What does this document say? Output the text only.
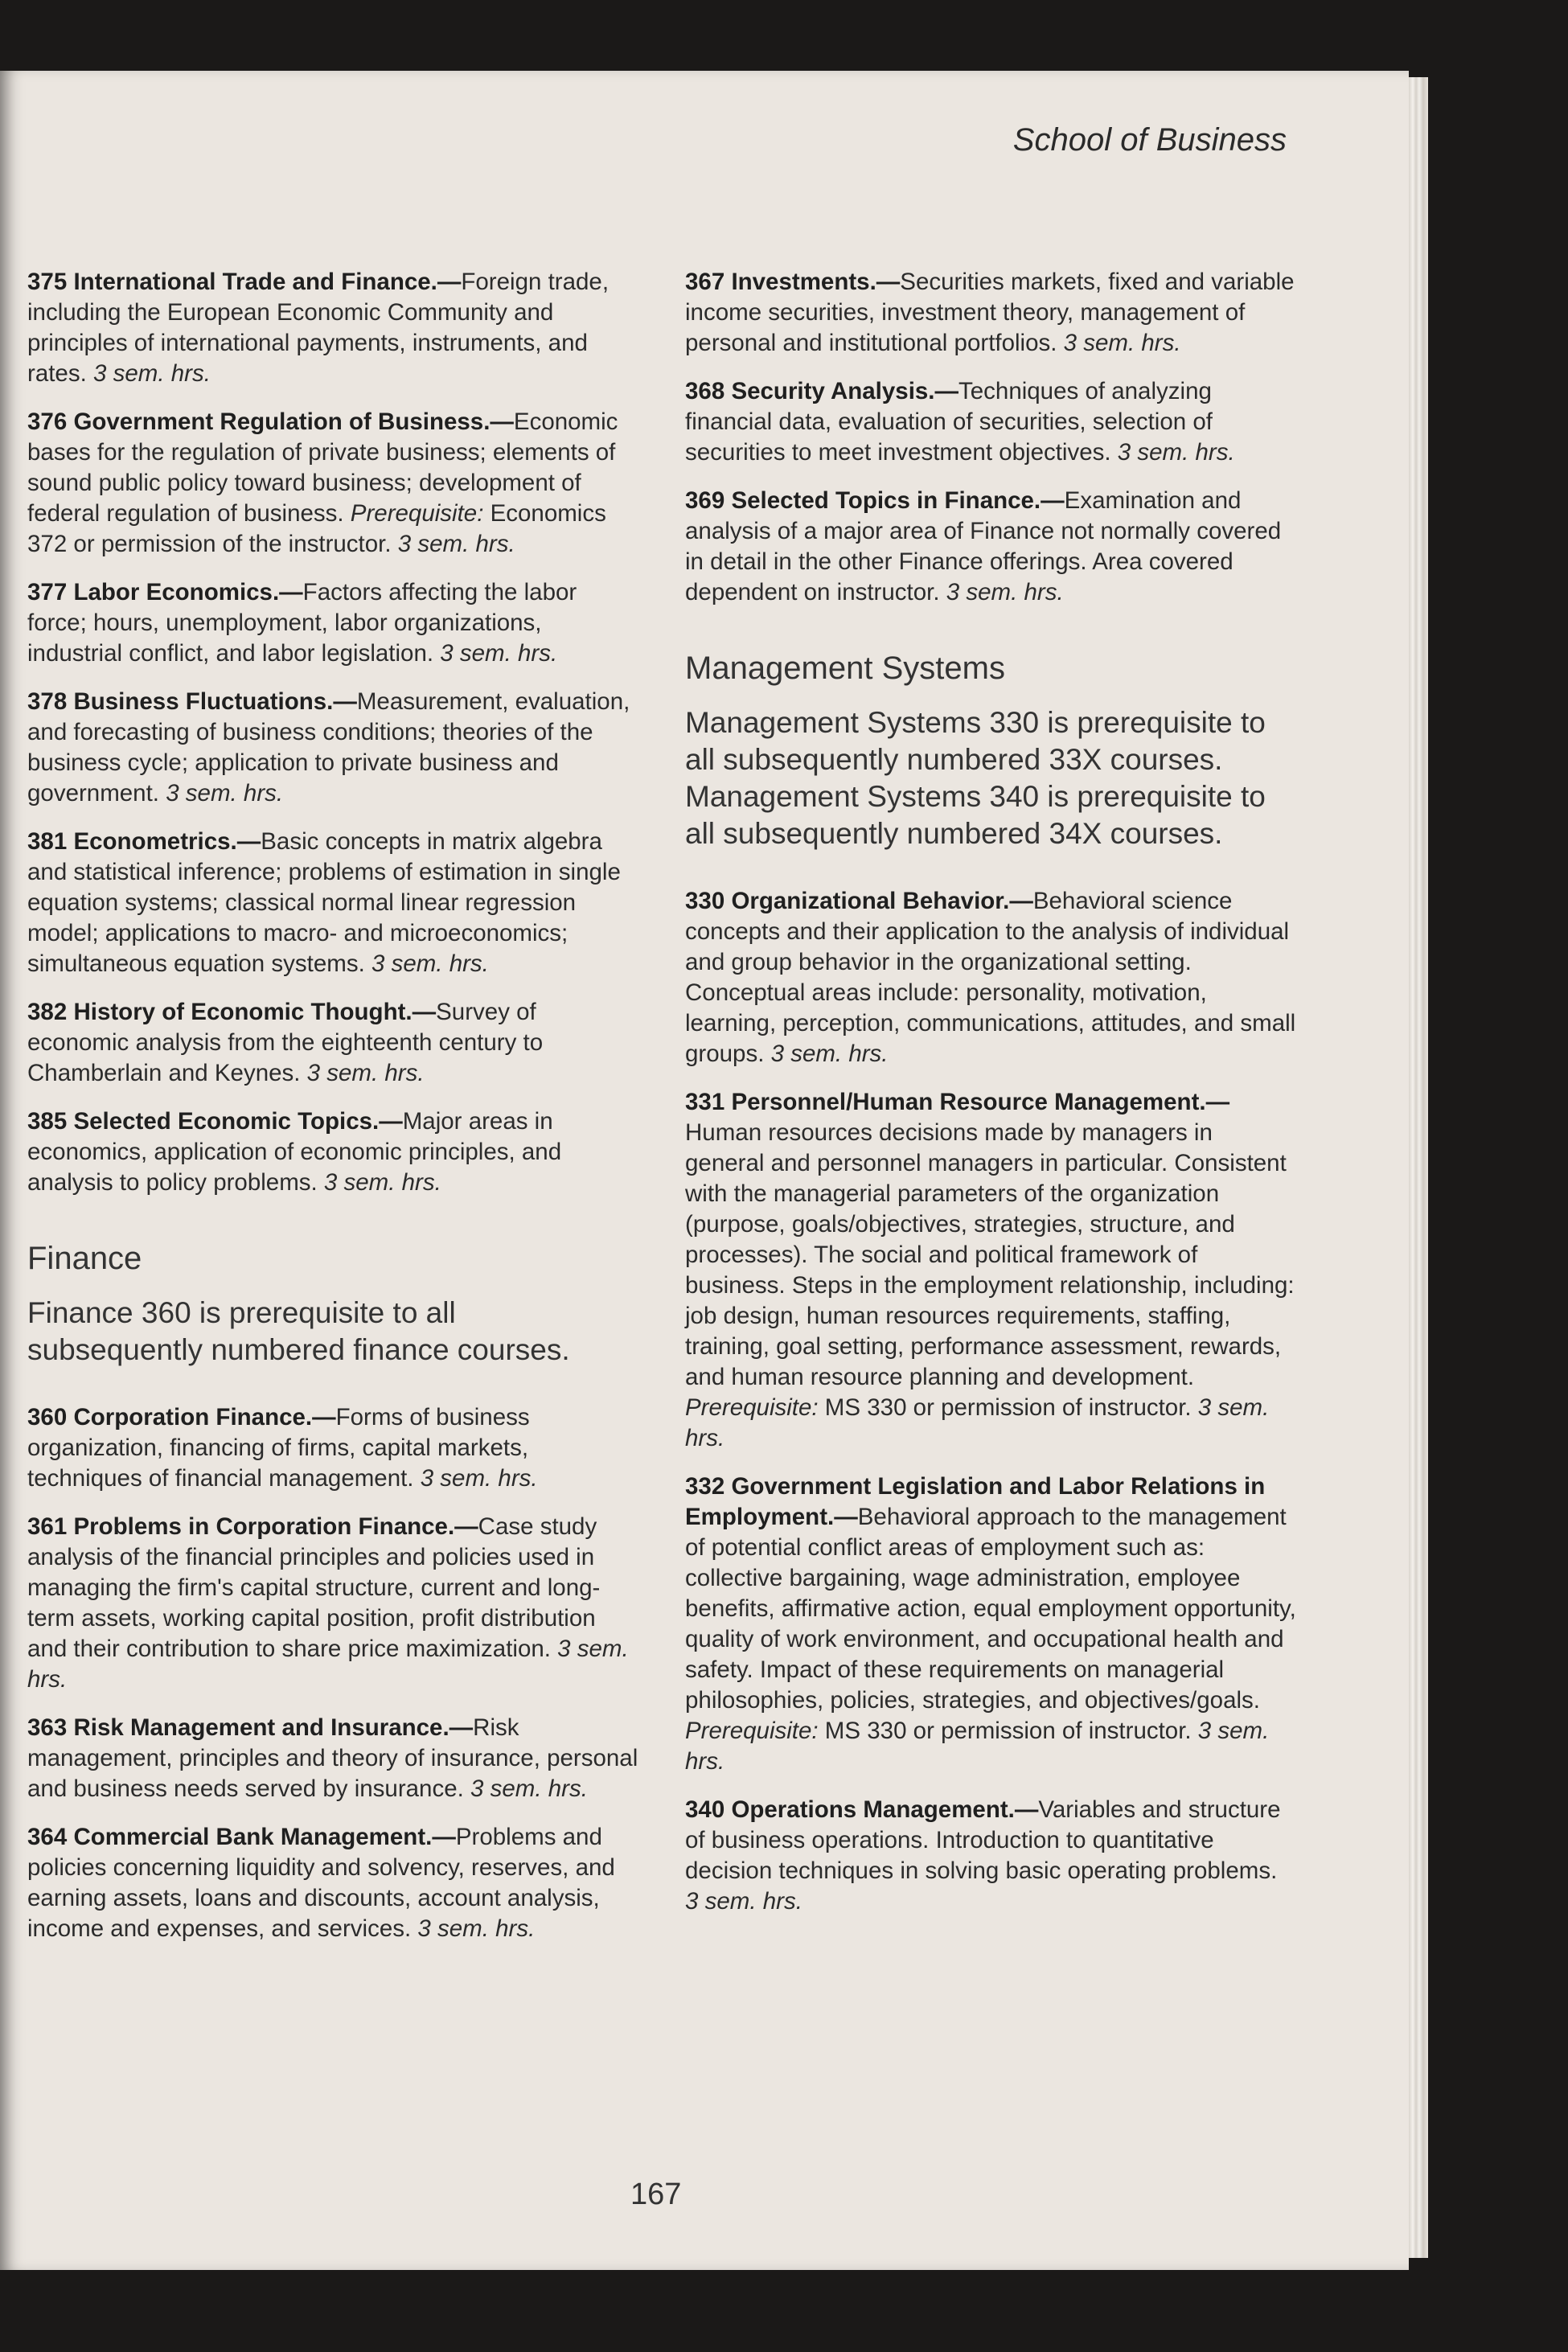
School of Business

375 International Trade and Finance.—Foreign trade, including the European Economic Community and principles of international payments, instruments, and rates. 3 sem. hrs.

376 Government Regulation of Business.—Economic bases for the regulation of private business; elements of sound public policy toward business; development of federal regulation of business. Prerequisite: Economics 372 or permission of the instructor. 3 sem. hrs.

377 Labor Economics.—Factors affecting the labor force; hours, unemployment, labor organizations, industrial conflict, and labor legislation. 3 sem. hrs.

378 Business Fluctuations.—Measurement, evaluation, and forecasting of business conditions; theories of the business cycle; application to private business and government. 3 sem. hrs.

381 Econometrics.—Basic concepts in matrix algebra and statistical inference; problems of estimation in single equation systems; classical normal linear regression model; applications to macro- and microeconomics; simultaneous equation systems. 3 sem. hrs.

382 History of Economic Thought.—Survey of economic analysis from the eighteenth century to Chamberlain and Keynes. 3 sem. hrs.

385 Selected Economic Topics.—Major areas in economics, application of economic principles, and analysis to policy problems. 3 sem. hrs.

Finance
Finance 360 is prerequisite to all subsequently numbered finance courses.

360 Corporation Finance.—Forms of business organization, financing of firms, capital markets, techniques of financial management. 3 sem. hrs.

361 Problems in Corporation Finance.—Case study analysis of the financial principles and policies used in managing the firm's capital structure, current and long-term assets, working capital position, profit distribution and their contribution to share price maximization. 3 sem. hrs.

363 Risk Management and Insurance.—Risk management, principles and theory of insurance, personal and business needs served by insurance. 3 sem. hrs.

364 Commercial Bank Management.—Problems and policies concerning liquidity and solvency, reserves, and earning assets, loans and discounts, account analysis, income and expenses, and services. 3 sem. hrs.

367 Investments.—Securities markets, fixed and variable income securities, investment theory, management of personal and institutional portfolios. 3 sem. hrs.

368 Security Analysis.—Techniques of analyzing financial data, evaluation of securities, selection of securities to meet investment objectives. 3 sem. hrs.

369 Selected Topics in Finance.—Examination and analysis of a major area of Finance not normally covered in detail in the other Finance offerings. Area covered dependent on instructor. 3 sem. hrs.

Management Systems
Management Systems 330 is prerequisite to all subsequently numbered 33X courses. Management Systems 340 is prerequisite to all subsequently numbered 34X courses.

330 Organizational Behavior.—Behavioral science concepts and their application to the analysis of individual and group behavior in the organizational setting. Conceptual areas include: personality, motivation, learning, perception, communications, attitudes, and small groups. 3 sem. hrs.

331 Personnel/Human Resource Management.—Human resources decisions made by managers in general and personnel managers in particular. Consistent with the managerial parameters of the organization (purpose, goals/objectives, strategies, structure, and processes). The social and political framework of business. Steps in the employment relationship, including: job design, human resources requirements, staffing, training, goal setting, performance assessment, rewards, and human resource planning and development. Prerequisite: MS 330 or permission of instructor. 3 sem. hrs.

332 Government Legislation and Labor Relations in Employment.—Behavioral approach to the management of potential conflict areas of employment such as: collective bargaining, wage administration, employee benefits, affirmative action, equal employment opportunity, quality of work environment, and occupational health and safety. Impact of these requirements on managerial philosophies, policies, strategies, and objectives/goals. Prerequisite: MS 330 or permission of instructor. 3 sem. hrs.

340 Operations Management.—Variables and structure of business operations. Introduction to quantitative decision techniques in solving basic operating problems. 3 sem. hrs.

167
